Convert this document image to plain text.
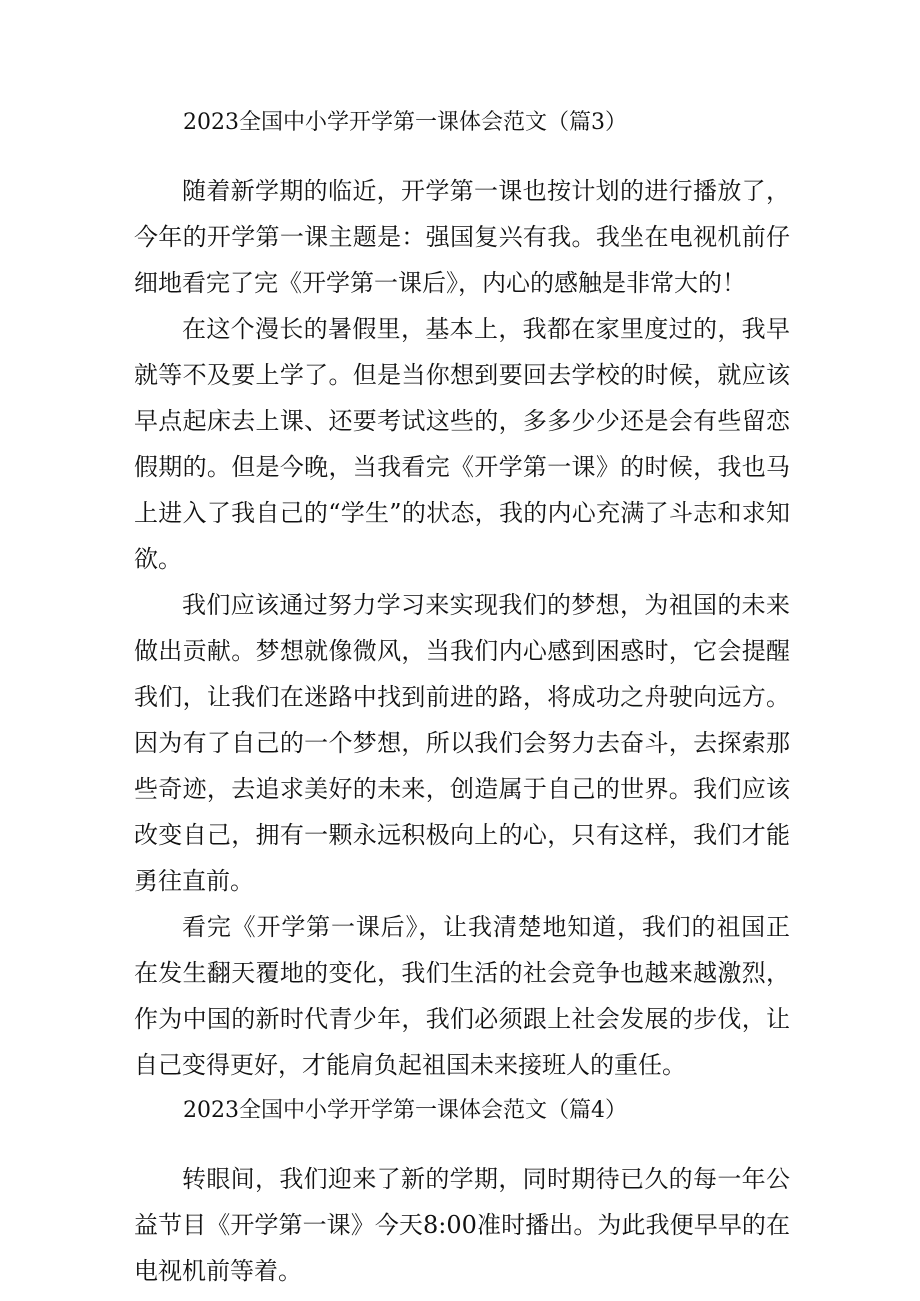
2023全国中小学开学第一课体会范文（篇3）

随着新学期的临近，开学第一课也按计划的进行播放了，今年的开学第一课主题是：强国复兴有我。我坐在电视机前仔细地看完了完《开学第一课后》，内心的感触是非常大的！

在这个漫长的暑假里，基本上，我都在家里度过的，我早就等不及要上学了。但是当你想到要回去学校的时候，就应该早点起床去上课、还要考试这些的，多多少少还是会有些留恋假期的。但是今晚，当我看完《开学第一课》的时候，我也马上进入了我自己的“学生”的状态，我的内心充满了斗志和求知欲。

我们应该通过努力学习来实现我们的梦想，为祖国的未来做出贡献。梦想就像微风，当我们内心感到困惑时，它会提醒我们，让我们在迷路中找到前进的路，将成功之舟驶向远方。因为有了自己的一个梦想，所以我们会努力去奋斗，去探索那些奇迹，去追求美好的未来，创造属于自己的世界。我们应该改变自己，拥有一颗永远积极向上的心，只有这样，我们才能勇往直前。

看完《开学第一课后》，让我清楚地知道，我们的祖国正在发生翻天覆地的变化，我们生活的社会竞争也越来越激烈，作为中国的新时代青少年，我们必须跟上社会发展的步伐，让自己变得更好，才能肩负起祖国未来接班人的重任。

2023全国中小学开学第一课体会范文（篇4）

转眼间，我们迎来了新的学期，同时期待已久的每一年公益节目《开学第一课》今天8:00准时播出。为此我便早早的在电视机前等着。
